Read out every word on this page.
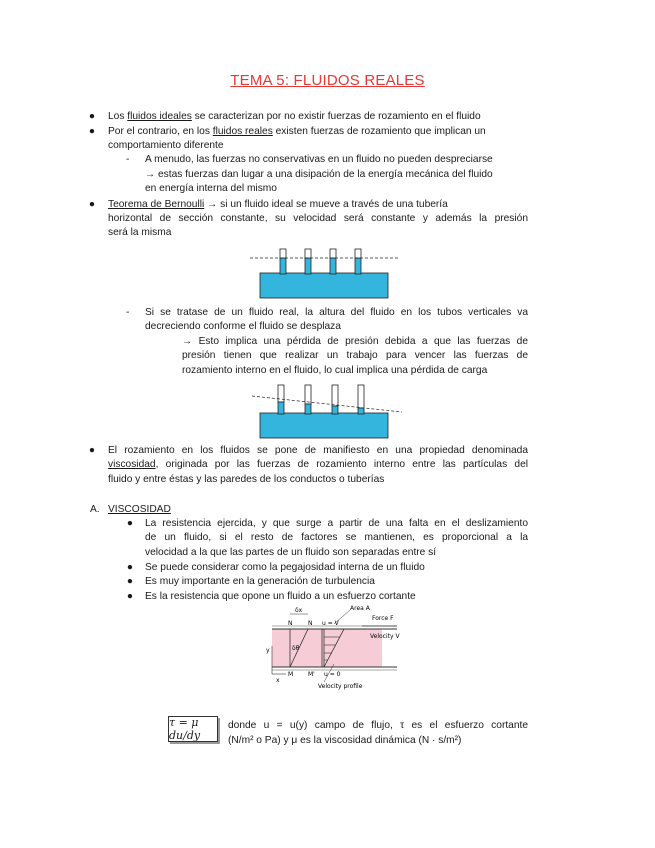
TEMA 5: FLUIDOS REALES
● Los fluidos ideales se caracterizan por no existir fuerzas de rozamiento en el fluido
● Por el contrario, en los fluidos reales existen fuerzas de rozamiento que implican un
comportamiento diferente
- A menudo, las fuerzas no conservativas en un fluido no pueden despreciarse
→ estas fuerzas dan lugar a una disipación de la energía mecánica del fluido
en energía interna del mismo
● Teorema de Bernoulli → si un fluido ideal se mueve a través de una tubería
horizontal de sección constante, su velocidad será constante y además la presión
será la misma
- Si se tratase de un fluido real, la altura del fluido en los tubos verticales va
decreciendo conforme el fluido se desplaza
→ Esto implica una pérdida de presión debida a que las fuerzas de
presión tienen que realizar un trabajo para vencer las fuerzas de
rozamiento interno en el fluido, lo cual implica una pérdida de carga
● El rozamiento en los fluidos se pone de manifiesto en una propiedad denominada
viscosidad, originada por las fuerzas de rozamiento interno entre las partículas del
fluido y entre éstas y las paredes de los conductos o tuberías
A. VISCOSIDAD
● La resistencia ejercida, y que surge a partir de una falta en el deslizamiento
de un fluido, si el resto de factores se mantienen, es proporcional a la
velocidad a la que las partes de un fluido son separadas entre sí
● Se puede considerar como la pegajosidad interna de un fluido
● Es muy importante en la generación de turbulencia
● Es la resistencia que opone un fluido a un esfuerzo cortante
δx	Area A
Force F
Velocity V
N	N u = V
δθ
u = 0
y
x
M M'
Velocity profile
τ = μ du/dy
donde u = u(y) campo de flujo, τ es el esfuerzo cortante
(N/m² o Pa) y μ es la viscosidad dinámica (N · s/m²)
